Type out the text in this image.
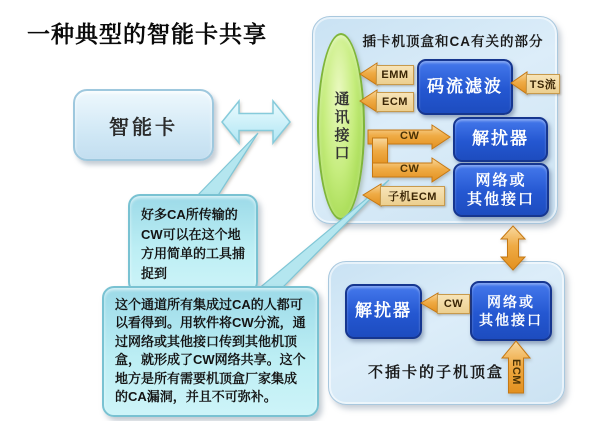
一种典型的智能卡共享
智能卡
插卡机顶盒和CA有关的部分
通讯接口
码流滤波
解扰器
网络或
其他接口
解扰器	网络或
其他接口
不插卡的子机顶盒
EMM
ECM
TS流
CW
CW
子机ECM
CW
ECM
好多CA所传输的CW可以在这个地方用简单的工具捕捉到
这个通道所有集成过CA的人都可以看得到。用软件将CW分流，通过网络或其他接口传到其他机顶盒，就形成了CW网络共享。这个地方是所有需要机顶盒厂家集成的CA漏洞，并且不可弥补。
